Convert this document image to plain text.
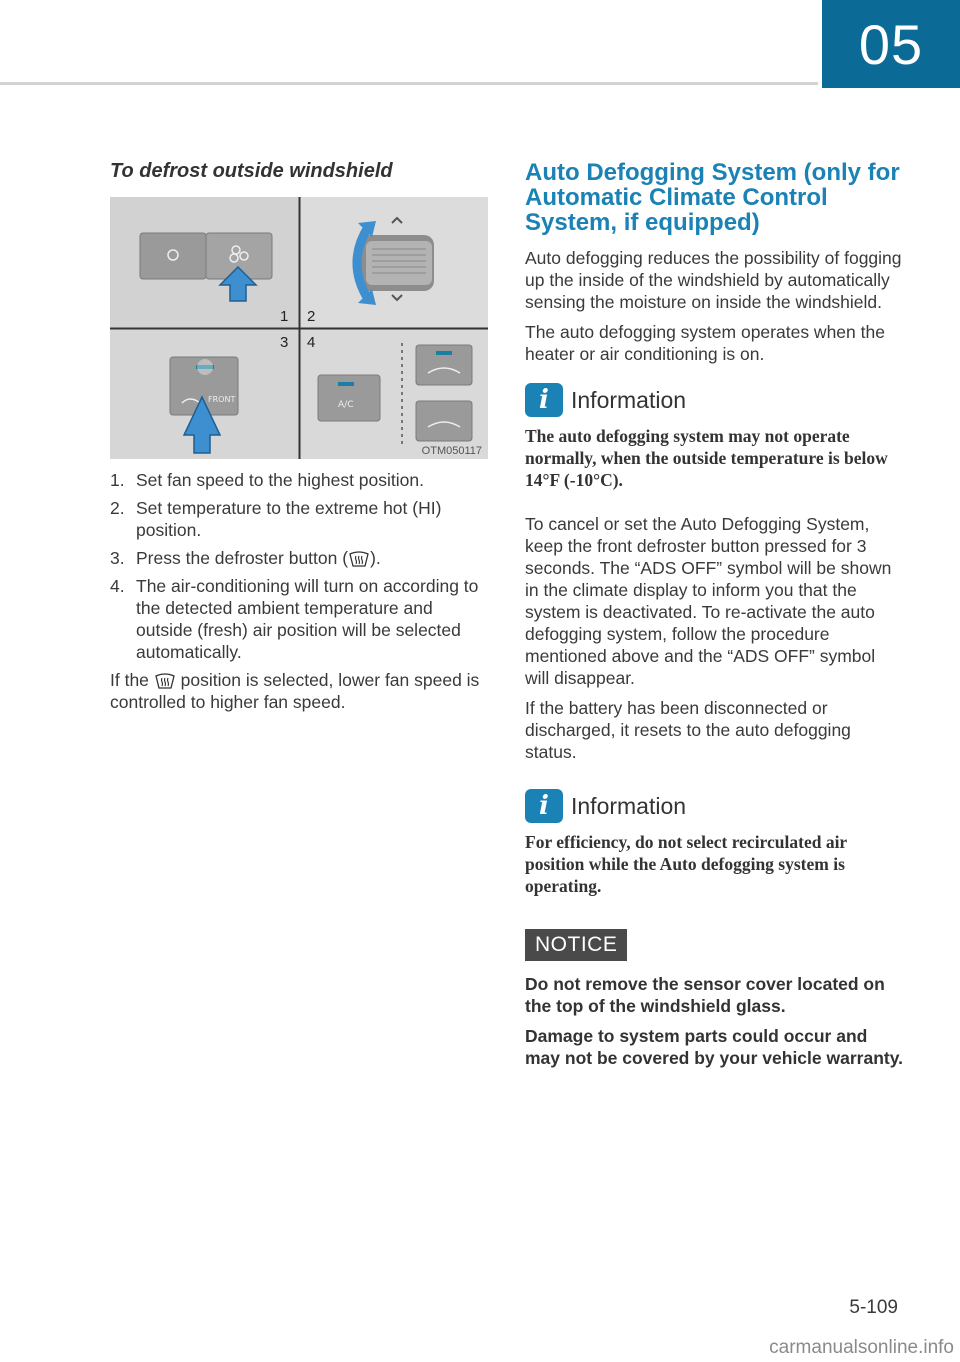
05
To defrost outside windshield
FRONT
A/C
1 2
3 4
OTM050117
1. Set fan speed to the highest position.
2. Set temperature to the extreme hot (HI) position.
3. Press the defroster button ( ).
4. The air-conditioning will turn on according to the detected ambient temperature and outside (fresh) air position will be selected automatically.

If the position is selected, lower fan speed is controlled to higher fan speed.

Auto Defogging System (only for Automatic Climate Control System, if equipped)

Auto defogging reduces the possibility of fogging up the inside of the windshield by automatically sensing the moisture on inside the windshield.

The auto defogging system operates when the heater or air conditioning is on.

i Information

The auto defogging system may not operate normally, when the outside temperature is below 14°F (-10°C).

To cancel or set the Auto Defogging System, keep the front defroster button pressed for 3 seconds. The “ADS OFF” symbol will be shown in the climate display to inform you that the system is deactivated. To re-activate the auto defogging system, follow the procedure mentioned above and the “ADS OFF” symbol will disappear.

If the battery has been disconnected or discharged, it resets to the auto defogging status.

i Information

For efficiency, do not select recirculated air position while the Auto defogging system is operating.

NOTICE

Do not remove the sensor cover located on the top of the windshield glass.

Damage to system parts could occur and may not be covered by your vehicle warranty.

5-109
carmanualsonline.info
